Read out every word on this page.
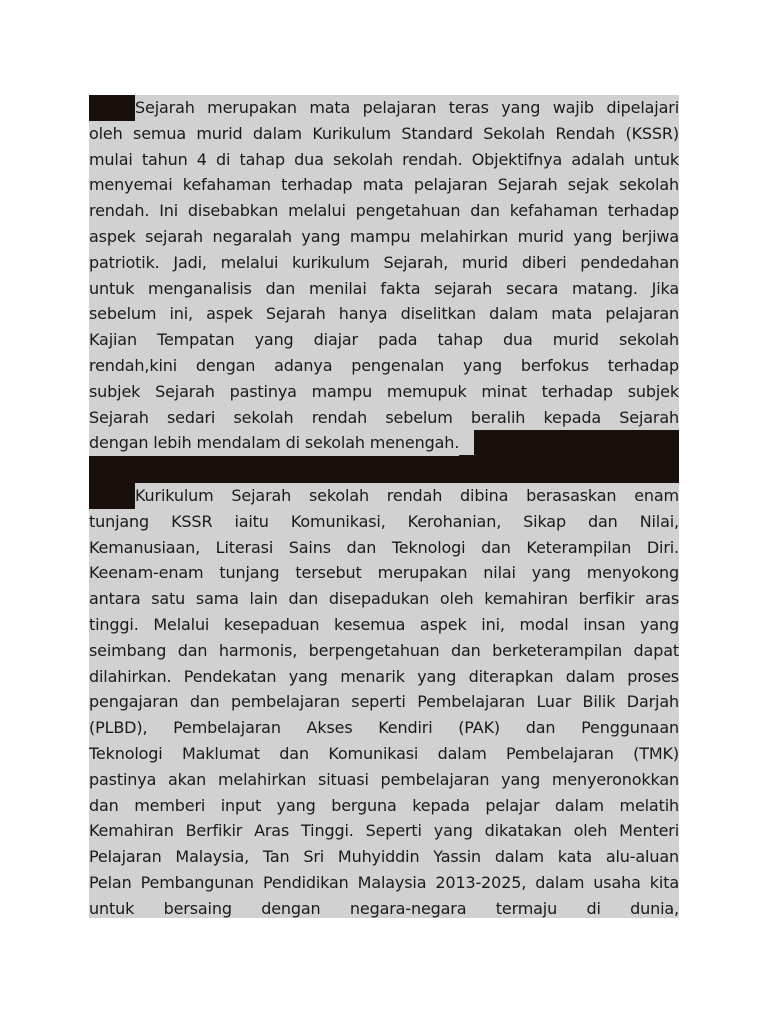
Sejarah merupakan mata pelajaran teras yang wajib dipelajari
oleh semua murid dalam Kurikulum Standard Sekolah Rendah (KSSR)
mulai tahun 4 di tahap dua sekolah rendah. Objektifnya adalah untuk
menyemai kefahaman terhadap mata pelajaran Sejarah sejak sekolah
rendah. Ini disebabkan melalui pengetahuan dan kefahaman terhadap
aspek sejarah negaralah yang mampu melahirkan murid yang berjiwa
patriotik. Jadi, melalui kurikulum Sejarah, murid diberi pendedahan
untuk menganalisis dan menilai fakta sejarah secara matang. Jika
sebelum ini, aspek Sejarah hanya diselitkan dalam mata pelajaran
Kajian Tempatan yang diajar pada tahap dua murid sekolah
rendah,kini dengan adanya pengenalan yang berfokus terhadap
subjek Sejarah pastinya mampu memupuk minat terhadap subjek
Sejarah sedari sekolah rendah sebelum beralih kepada Sejarah
dengan lebih mendalam di sekolah menengah.
Kurikulum Sejarah sekolah rendah dibina berasaskan enam
tunjang KSSR iaitu Komunikasi, Kerohanian, Sikap dan Nilai,
Kemanusiaan, Literasi Sains dan Teknologi dan Keterampilan Diri.
Keenam-enam tunjang tersebut merupakan nilai yang menyokong
antara satu sama lain dan disepadukan oleh kemahiran berfikir aras
tinggi. Melalui kesepaduan kesemua aspek ini, modal insan yang
seimbang dan harmonis, berpengetahuan dan berketerampilan dapat
dilahirkan. Pendekatan yang menarik yang diterapkan dalam proses
pengajaran dan pembelajaran seperti Pembelajaran Luar Bilik Darjah
(PLBD), Pembelajaran Akses Kendiri (PAK) dan Penggunaan
Teknologi Maklumat dan Komunikasi dalam Pembelajaran (TMK)
pastinya akan melahirkan situasi pembelajaran yang menyeronokkan
dan memberi input yang berguna kepada pelajar dalam melatih
Kemahiran Berfikir Aras Tinggi. Seperti yang dikatakan oleh Menteri
Pelajaran Malaysia, Tan Sri Muhyiddin Yassin dalam kata alu-aluan
Pelan Pembangunan Pendidikan Malaysia 2013-2025, dalam usaha kita
untuk bersaing dengan negara-negara termaju di dunia,
